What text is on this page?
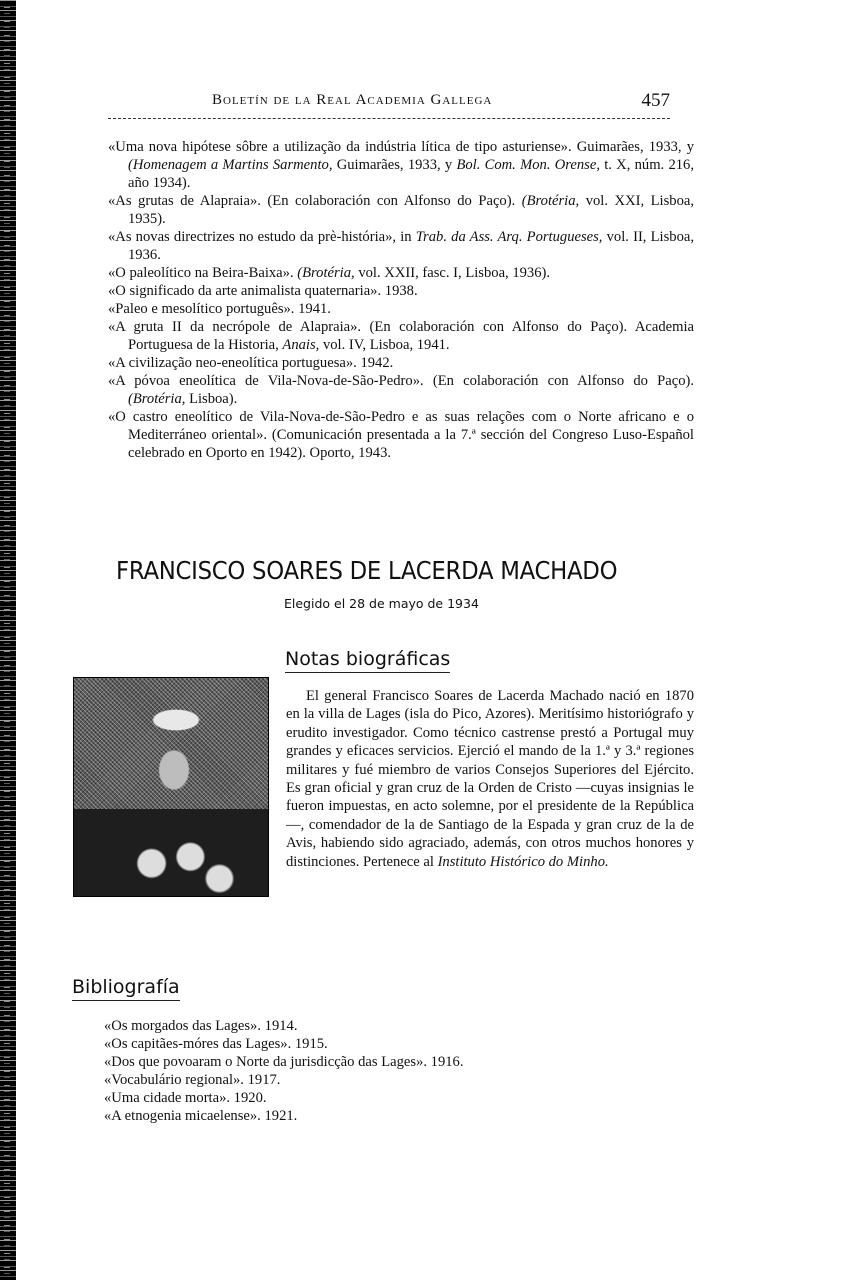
Boletín de la Real Academia Gallega	457

«Uma nova hipótese sôbre a utilização da indústria lítica de tipo asturiense». Guimarães, 1933, y (Homenagem a Martins Sarmento, Guimarães, 1933, y Bol. Com. Mon. Orense, t. X, núm. 216, año 1934).

«As grutas de Alapraia». (En colaboración con Alfonso do Paço). (Brotéria, vol. XXI, Lisboa, 1935).

«As novas directrizes no estudo da prè-história», in Trab. da Ass. Arq. Portugueses, vol. II, Lisboa, 1936.

«O paleolítico na Beira-Baixa». (Brotéria, vol. XXII, fasc. I, Lisboa, 1936).

«O significado da arte animalista quaternaria». 1938.

«Paleo e mesolítico português». 1941.

«A gruta II da necrópole de Alapraia». (En colaboración con Alfonso do Paço). Academia Portuguesa de la Historia, Anais, vol. IV, Lisboa, 1941.

«A civilização neo-eneolítica portuguesa». 1942.

«A póvoa eneolítica de Vila-Nova-de-São-Pedro». (En colaboración con Alfonso do Paço). (Brotéria, Lisboa).

«O castro eneolítico de Vila-Nova-de-São-Pedro e as suas relações com o Norte africano e o Mediterráneo oriental». (Comunicación presentada a la 7.ª sección del Congreso Luso-Español celebrado en Oporto en 1942). Oporto, 1943.

FRANCISCO SOARES DE LACERDA MACHADO
Elegido el 28 de mayo de 1934
Notas biográficas

El general Francisco Soares de Lacerda Machado nació en 1870 en la villa de Lages (isla do Pico, Azores). Meritísimo historiógrafo y erudito investigador. Como técnico castrense prestó a Portugal muy grandes y eficaces servicios. Ejerció el mando de la 1.ª y 3.ª regiones militares y fué miembro de varios Consejos Superiores del Ejército. Es gran oficial y gran cruz de la Orden de Cristo —cuyas insignias le fueron impuestas, en acto solemne, por el presidente de la República—, comendador de la de Santiago de la Espada y gran cruz de la de Avis, habiendo sido agraciado, además, con otros muchos honores y distinciones. Pertenece al Instituto Histórico do Minho.

Bibliografía

«Os morgados das Lages». 1914.

«Os capitães-móres das Lages». 1915.

«Dos que povoaram o Norte da jurisdicção das Lages». 1916.

«Vocabulário regional». 1917.

«Uma cidade morta». 1920.

«A etnogenia micaelense». 1921.
